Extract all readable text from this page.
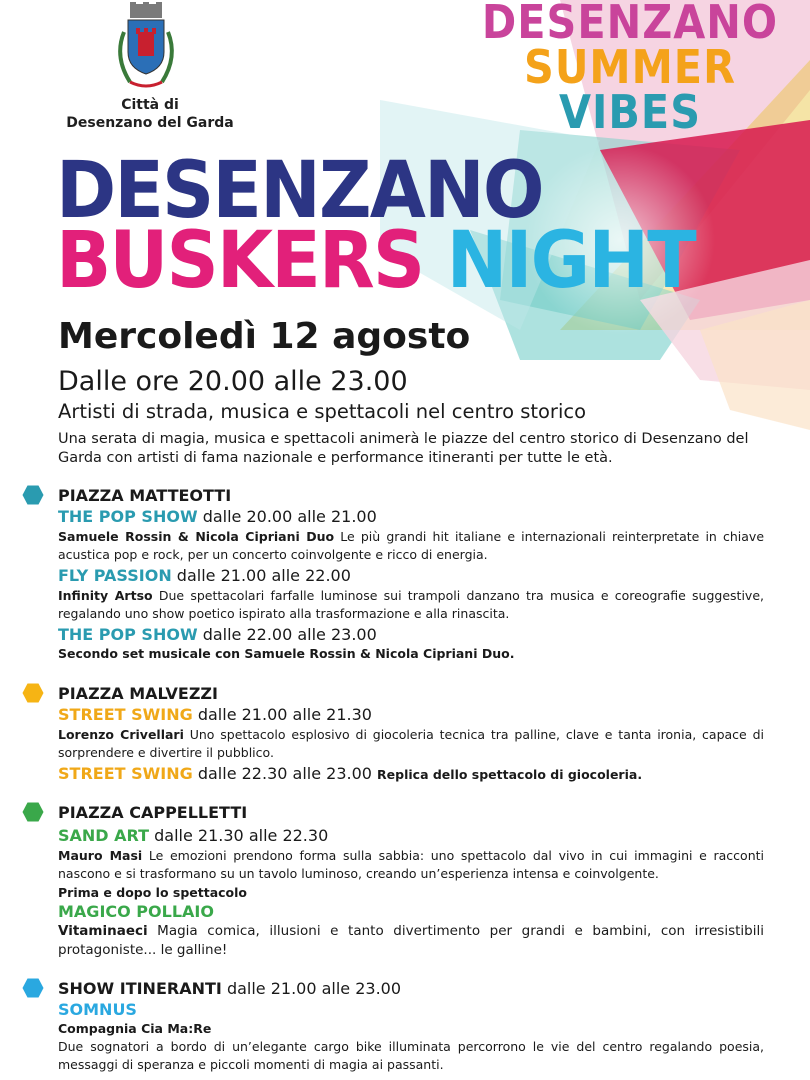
Città di
Desenzano del Garda
DESENZANO
SUMMER
VIBES
DESENZANO
BUSKERS NIGHT
Mercoledì 12 agosto
Dalle ore 20.00 alle 23.00
Artisti di strada, musica e spettacoli nel centro storico
Una serata di magia, musica e spettacoli animerà le piazze del centro storico di Desenzano del Garda con artisti di fama nazionale e performance itineranti per tutte le età.
PIAZZA MATTEOTTI
THE POP SHOW dalle 20.00 alle 21.00
Samuele Rossin & Nicola Cipriani Duo Le più grandi hit italiane e internazionali reinterpretate in chiave acustica pop e rock, per un concerto coinvolgente e ricco di energia.
FLY PASSION dalle 21.00 alle 22.00
Infinity Artso Due spettacolari farfalle luminose sui trampoli danzano tra musica e coreografie suggestive, regalando uno show poetico ispirato alla trasformazione e alla rinascita.
THE POP SHOW dalle 22.00 alle 23.00
Secondo set musicale con Samuele Rossin & Nicola Cipriani Duo.
PIAZZA MALVEZZI
STREET SWING dalle 21.00 alle 21.30
Lorenzo Crivellari Uno spettacolo esplosivo di giocoleria tecnica tra palline, clave e tanta ironia, capace di sorprendere e divertire il pubblico.
STREET SWING dalle 22.30 alle 23.00 Replica dello spettacolo di giocoleria.
PIAZZA CAPPELLETTI
SAND ART dalle 21.30 alle 22.30
Mauro Masi Le emozioni prendono forma sulla sabbia: uno spettacolo dal vivo in cui immagini e racconti nascono e si trasformano su un tavolo luminoso, creando un’esperienza intensa e coinvolgente.
Prima e dopo lo spettacolo
MAGICO POLLAIO
Vitaminaeci Magia comica, illusioni e tanto divertimento per grandi e bambini, con irresistibili protagoniste... le galline!
SHOW ITINERANTI dalle 21.00 alle 23.00
SOMNUS
Compagnia Cia Ma:Re
Due sognatori a bordo di un’elegante cargo bike illuminata percorrono le vie del centro regalando poesia, messaggi di speranza e piccoli momenti di magia ai passanti.
